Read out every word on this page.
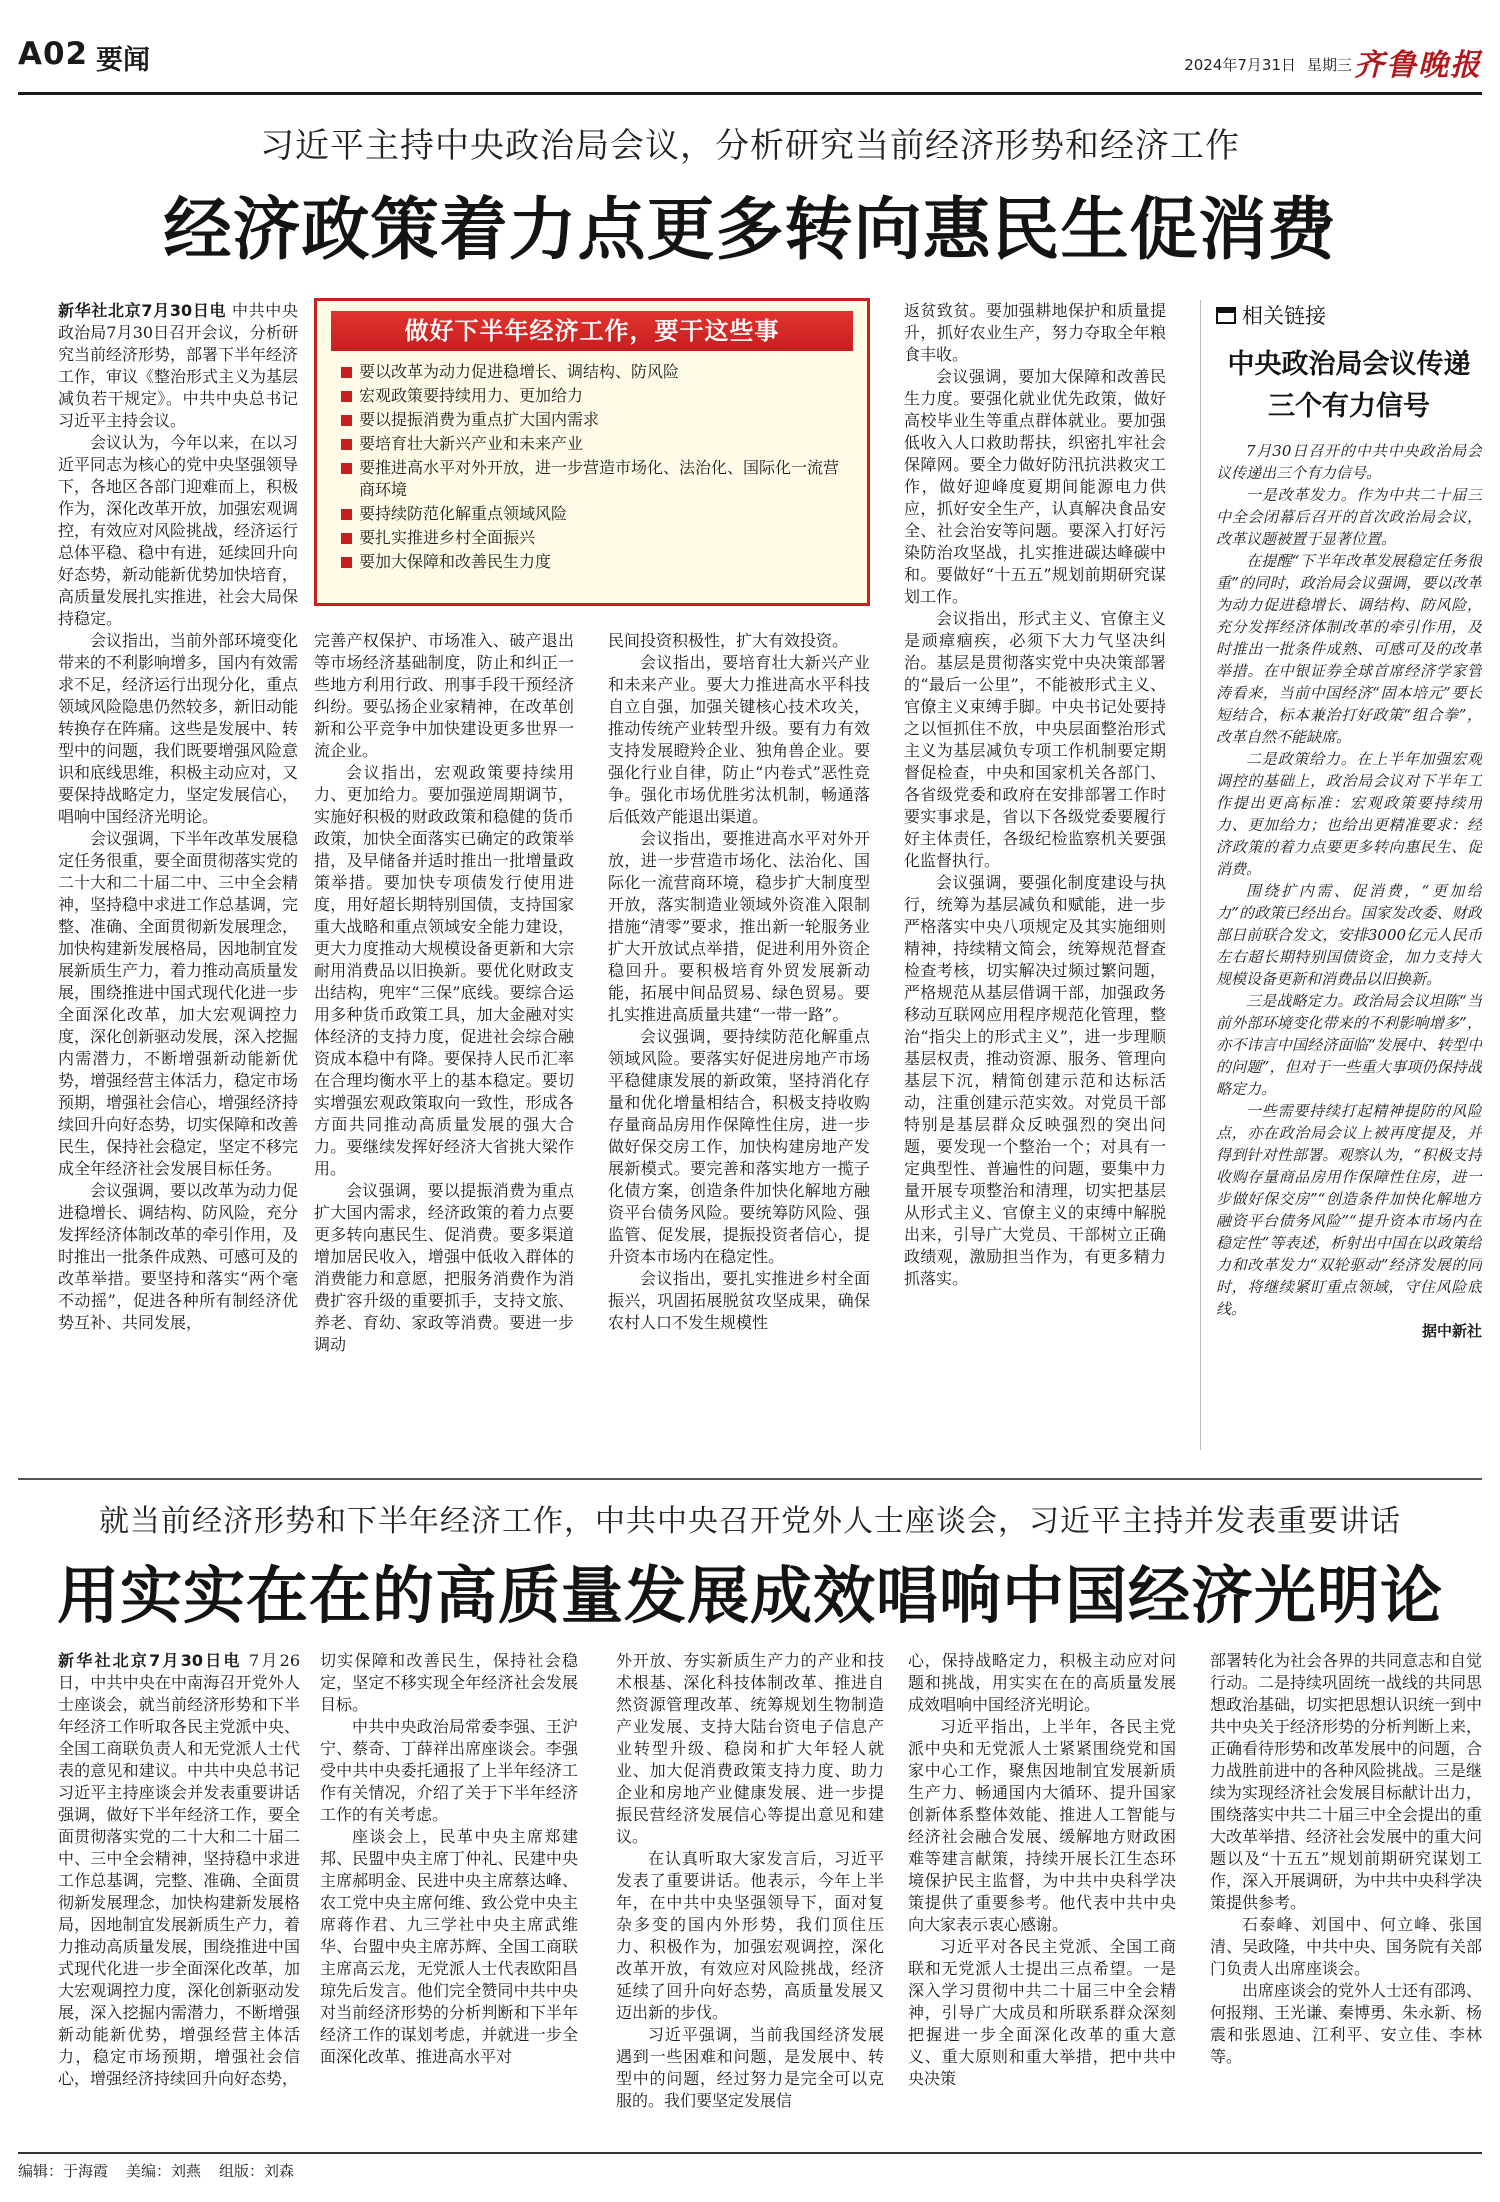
A02 要闻	2024年7月31日 星期三 齐鲁晚报
习近平主持中央政治局会议，分析研究当前经济形势和经济工作
经济政策着力点更多转向惠民生促消费

新华社北京7月30日电 中共中央政治局7月30日召开会议，分析研究当前经济形势，部署下半年经济工作，审议《整治形式主义为基层减负若干规定》。中共中央总书记习近平主持会议。

会议认为，今年以来，在以习近平同志为核心的党中央坚强领导下，各地区各部门迎难而上，积极作为，深化改革开放，加强宏观调控，有效应对风险挑战，经济运行总体平稳、稳中有进，延续回升向好态势，新动能新优势加快培育，高质量发展扎实推进，社会大局保持稳定。

会议指出，当前外部环境变化带来的不利影响增多，国内有效需求不足，经济运行出现分化，重点领域风险隐患仍然较多，新旧动能转换存在阵痛。这些是发展中、转型中的问题，我们既要增强风险意识和底线思维，积极主动应对，又要保持战略定力，坚定发展信心，唱响中国经济光明论。

会议强调，下半年改革发展稳定任务很重，要全面贯彻落实党的二十大和二十届二中、三中全会精神，坚持稳中求进工作总基调，完整、准确、全面贯彻新发展理念，加快构建新发展格局，因地制宜发展新质生产力，着力推动高质量发展，围绕推进中国式现代化进一步全面深化改革，加大宏观调控力度，深化创新驱动发展，深入挖掘内需潜力，不断增强新动能新优势，增强经营主体活力，稳定市场预期，增强社会信心，增强经济持续回升向好态势，切实保障和改善民生，保持社会稳定，坚定不移完成全年经济社会发展目标任务。

会议强调，要以改革为动力促进稳增长、调结构、防风险，充分发挥经济体制改革的牵引作用，及时推出一批条件成熟、可感可及的改革举措。要坚持和落实“两个毫不动摇”，促进各种所有制经济优势互补、共同发展，

做好下半年经济工作，要干这些事
要以改革为动力促进稳增长、调结构、防风险
宏观政策要持续用力、更加给力
要以提振消费为重点扩大国内需求
要培育壮大新兴产业和未来产业
要推进高水平对外开放，进一步营造市场化、法治化、国际化一流营商环境
要持续防范化解重点领域风险
要扎实推进乡村全面振兴
要加大保障和改善民生力度

完善产权保护、市场准入、破产退出等市场经济基础制度，防止和纠正一些地方利用行政、刑事手段干预经济纠纷。要弘扬企业家精神，在改革创新和公平竞争中加快建设更多世界一流企业。

会议指出，宏观政策要持续用力、更加给力。要加强逆周期调节，实施好积极的财政政策和稳健的货币政策，加快全面落实已确定的政策举措，及早储备并适时推出一批增量政策举措。要加快专项债发行使用进度，用好超长期特别国债，支持国家重大战略和重点领域安全能力建设，更大力度推动大规模设备更新和大宗耐用消费品以旧换新。要优化财政支出结构，兜牢“三保”底线。要综合运用多种货币政策工具，加大金融对实体经济的支持力度，促进社会综合融资成本稳中有降。要保持人民币汇率在合理均衡水平上的基本稳定。要切实增强宏观政策取向一致性，形成各方面共同推动高质量发展的强大合力。要继续发挥好经济大省挑大梁作用。

会议强调，要以提振消费为重点扩大国内需求，经济政策的着力点要更多转向惠民生、促消费。要多渠道增加居民收入，增强中低收入群体的消费能力和意愿，把服务消费作为消费扩容升级的重要抓手，支持文旅、养老、育幼、家政等消费。要进一步调动

民间投资积极性，扩大有效投资。

会议指出，要培育壮大新兴产业和未来产业。要大力推进高水平科技自立自强，加强关键核心技术攻关，推动传统产业转型升级。要有力有效支持发展瞪羚企业、独角兽企业。要强化行业自律，防止“内卷式”恶性竞争。强化市场优胜劣汰机制，畅通落后低效产能退出渠道。

会议指出，要推进高水平对外开放，进一步营造市场化、法治化、国际化一流营商环境，稳步扩大制度型开放，落实制造业领域外资准入限制措施“清零”要求，推出新一轮服务业扩大开放试点举措，促进利用外资企稳回升。要积极培育外贸发展新动能，拓展中间品贸易、绿色贸易。要扎实推进高质量共建“一带一路”。

会议强调，要持续防范化解重点领域风险。要落实好促进房地产市场平稳健康发展的新政策，坚持消化存量和优化增量相结合，积极支持收购存量商品房用作保障性住房，进一步做好保交房工作，加快构建房地产发展新模式。要完善和落实地方一揽子化债方案，创造条件加快化解地方融资平台债务风险。要统筹防风险、强监管、促发展，提振投资者信心，提升资本市场内在稳定性。

会议指出，要扎实推进乡村全面振兴，巩固拓展脱贫攻坚成果，确保农村人口不发生规模性

返贫致贫。要加强耕地保护和质量提升，抓好农业生产，努力夺取全年粮食丰收。

会议强调，要加大保障和改善民生力度。要强化就业优先政策，做好高校毕业生等重点群体就业。要加强低收入人口救助帮扶，织密扎牢社会保障网。要全力做好防汛抗洪救灾工作，做好迎峰度夏期间能源电力供应，抓好安全生产，认真解决食品安全、社会治安等问题。要深入打好污染防治攻坚战，扎实推进碳达峰碳中和。要做好“十五五”规划前期研究谋划工作。

会议指出，形式主义、官僚主义是顽瘴痼疾，必须下大力气坚决纠治。基层是贯彻落实党中央决策部署的“最后一公里”，不能被形式主义、官僚主义束缚手脚。中央书记处要持之以恒抓住不放，中央层面整治形式主义为基层减负专项工作机制要定期督促检查，中央和国家机关各部门、各省级党委和政府在安排部署工作时要实事求是，省以下各级党委要履行好主体责任，各级纪检监察机关要强化监督执行。

会议强调，要强化制度建设与执行，统筹为基层减负和赋能，进一步严格落实中央八项规定及其实施细则精神，持续精文简会，统筹规范督查检查考核，切实解决过频过繁问题，严格规范从基层借调干部，加强政务移动互联网应用程序规范化管理，整治“指尖上的形式主义”，进一步理顺基层权责，推动资源、服务、管理向基层下沉，精简创建示范和达标活动，注重创建示范实效。对党员干部特别是基层群众反映强烈的突出问题，要发现一个整治一个；对具有一定典型性、普遍性的问题，要集中力量开展专项整治和清理，切实把基层从形式主义、官僚主义的束缚中解脱出来，引导广大党员、干部树立正确政绩观，激励担当作为，有更多精力抓落实。

相关链接
中央政治局会议传递三个有力信号

7月30日召开的中共中央政治局会议传递出三个有力信号。

一是改革发力。作为中共二十届三中全会闭幕后召开的首次政治局会议，改革议题被置于显著位置。

在提醒“下半年改革发展稳定任务很重”的同时，政治局会议强调，要以改革为动力促进稳增长、调结构、防风险，充分发挥经济体制改革的牵引作用，及时推出一批条件成熟、可感可及的改革举措。在中银证券全球首席经济学家管涛看来，当前中国经济“固本培元”要长短结合，标本兼治打好政策“组合拳”，改革自然不能缺席。

二是政策给力。在上半年加强宏观调控的基础上，政治局会议对下半年工作提出更高标准：宏观政策要持续用力、更加给力；也给出更精准要求：经济政策的着力点要更多转向惠民生、促消费。

围绕扩内需、促消费，“更加给力”的政策已经出台。国家发改委、财政部日前联合发文，安排3000亿元人民币左右超长期特别国债资金，加力支持大规模设备更新和消费品以旧换新。

三是战略定力。政治局会议坦陈“当前外部环境变化带来的不利影响增多”，亦不讳言中国经济面临“发展中、转型中的问题”，但对于一些重大事项仍保持战略定力。

一些需要持续打起精神提防的风险点，亦在政治局会议上被再度提及，并得到针对性部署。观察认为，“积极支持收购存量商品房用作保障性住房，进一步做好保交房”“创造条件加快化解地方融资平台债务风险”“提升资本市场内在稳定性”等表述，析射出中国在以政策给力和改革发力“双轮驱动”经济发展的同时，将继续紧盯重点领域，守住风险底线。

据中新社
就当前经济形势和下半年经济工作，中共中央召开党外人士座谈会，习近平主持并发表重要讲话
用实实在在的高质量发展成效唱响中国经济光明论

新华社北京7月30日电 7月26日，中共中央在中南海召开党外人士座谈会，就当前经济形势和下半年经济工作听取各民主党派中央、全国工商联负责人和无党派人士代表的意见和建议。中共中央总书记习近平主持座谈会并发表重要讲话强调，做好下半年经济工作，要全面贯彻落实党的二十大和二十届二中、三中全会精神，坚持稳中求进工作总基调，完整、准确、全面贯彻新发展理念，加快构建新发展格局，因地制宜发展新质生产力，着力推动高质量发展，围绕推进中国式现代化进一步全面深化改革，加大宏观调控力度，深化创新驱动发展，深入挖掘内需潜力，不断增强新动能新优势，增强经营主体活力，稳定市场预期，增强社会信心，增强经济持续回升向好态势，

切实保障和改善民生，保持社会稳定，坚定不移实现全年经济社会发展目标。

中共中央政治局常委李强、王沪宁、蔡奇、丁薛祥出席座谈会。李强受中共中央委托通报了上半年经济工作有关情况，介绍了关于下半年经济工作的有关考虑。

座谈会上，民革中央主席郑建邦、民盟中央主席丁仲礼、民建中央主席郝明金、民进中央主席蔡达峰、农工党中央主席何维、致公党中央主席蒋作君、九三学社中央主席武维华、台盟中央主席苏辉、全国工商联主席高云龙，无党派人士代表欧阳昌琼先后发言。他们完全赞同中共中央对当前经济形势的分析判断和下半年经济工作的谋划考虑，并就进一步全面深化改革、推进高水平对

外开放、夯实新质生产力的产业和技术根基、深化科技体制改革、推进自然资源管理改革、统筹规划生物制造产业发展、支持大陆台资电子信息产业转型升级、稳岗和扩大年轻人就业、加大促消费政策支持力度、助力企业和房地产业健康发展、进一步提振民营经济发展信心等提出意见和建议。

在认真听取大家发言后，习近平发表了重要讲话。他表示，今年上半年，在中共中央坚强领导下，面对复杂多变的国内外形势，我们顶住压力、积极作为，加强宏观调控，深化改革开放，有效应对风险挑战，经济延续了回升向好态势，高质量发展又迈出新的步伐。

习近平强调，当前我国经济发展遇到一些困难和问题，是发展中、转型中的问题，经过努力是完全可以克服的。我们要坚定发展信

心，保持战略定力，积极主动应对问题和挑战，用实实在在的高质量发展成效唱响中国经济光明论。

习近平指出，上半年，各民主党派中央和无党派人士紧紧围绕党和国家中心工作，聚焦因地制宜发展新质生产力、畅通国内大循环、提升国家创新体系整体效能、推进人工智能与经济社会融合发展、缓解地方财政困难等建言献策，持续开展长江生态环境保护民主监督，为中共中央科学决策提供了重要参考。他代表中共中央向大家表示衷心感谢。

习近平对各民主党派、全国工商联和无党派人士提出三点希望。一是深入学习贯彻中共二十届三中全会精神，引导广大成员和所联系群众深刻把握进一步全面深化改革的重大意义、重大原则和重大举措，把中共中央决策

部署转化为社会各界的共同意志和自觉行动。二是持续巩固统一战线的共同思想政治基础，切实把思想认识统一到中共中央关于经济形势的分析判断上来，正确看待形势和改革发展中的问题，合力战胜前进中的各种风险挑战。三是继续为实现经济社会发展目标献计出力，围绕落实中共二十届三中全会提出的重大改革举措、经济社会发展中的重大问题以及“十五五”规划前期研究谋划工作，深入开展调研，为中共中央科学决策提供参考。

石泰峰、刘国中、何立峰、张国清、吴政隆，中共中央、国务院有关部门负责人出席座谈会。

出席座谈会的党外人士还有邵鸿、何报翔、王光谦、秦博勇、朱永新、杨震和张恩迪、江利平、安立佳、李林等。

编辑：于海霞 美编：刘燕 组版：刘森
